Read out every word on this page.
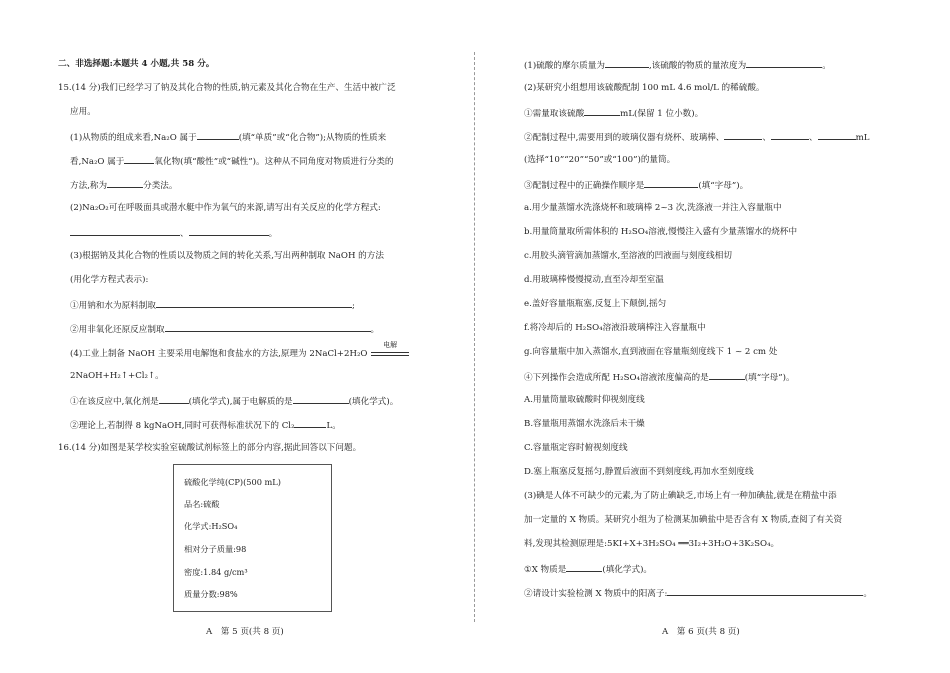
二、非选择题:本题共 4 小题,共 58 分。
15.(14 分)我们已经学习了钠及其化合物的性质,钠元素及其化合物在生产、生活中被广泛
应用。
(1)从物质的组成来看,Na₂O 属于	(填“单质”或“化合物”);从物质的性质来
看,Na₂O 属于	氧化物(填“酸性”或“碱性”)。这种从不同角度对物质进行分类的
方法,称为	分类法。
(2)Na₂O₂可在呼吸面具或潜水艇中作为氧气的来源,请写出有关反应的化学方程式:
、	。
(3)根据钠及其化合物的性质以及物质之间的转化关系,写出两种制取 NaOH 的方法
(用化学方程式表示):
①用钠和水为原料制取	;
②用非氧化还原反应制取	。
(4)工业上制备 NaOH 主要采用电解饱和食盐水的方法,原理为 2NaCl+2H₂O
电解
2NaOH+H₂↑+Cl₂↑。
①在该反应中,氧化剂是	(填化学式),属于电解质的是	(填化学式)。
②理论上,若制得 8 kgNaOH,同时可获得标准状况下的 Cl₂	L。
16.(14 分)如图是某学校实验室硫酸试剂标签上的部分内容,据此回答以下问题。
硫酸化学纯(CP)(500 mL)
品名:硫酸
化学式:H₂SO₄
相对分子质量:98
密度:1.84 g/cm³
质量分数:98%
A　第 5 页(共 8 页)
(1)硫酸的摩尔质量为	,该硫酸的物质的量浓度为	。
(2)某研究小组想用该硫酸配制 100 mL 4.6 mol/L 的稀硫酸。
①需量取该硫酸	mL(保留 1 位小数)。
②配制过程中,需要用到的玻璃仪器有烧杯、玻璃棒、	、	、	mL
(选择“10”“20”“50”或“100”)的量筒。
③配制过程中的正确操作顺序是	(填“字母”)。
a.用少量蒸馏水洗涤烧杯和玻璃棒 2~3 次,洗涤液一并注入容量瓶中
b.用量筒量取所需体积的 H₂SO₄溶液,慢慢注入盛有少量蒸馏水的烧杯中
c.用胶头滴管滴加蒸馏水,至溶液的凹液面与刻度线相切
d.用玻璃棒慢慢搅动,直至冷却至室温
e.盖好容量瓶瓶塞,反复上下颠倒,摇匀
f.将冷却后的 H₂SO₄溶液沿玻璃棒注入容量瓶中
g.向容量瓶中加入蒸馏水,直到液面在容量瓶刻度线下 1 ~ 2 cm 处
④下列操作会造成所配 H₂SO₄溶液浓度偏高的是	(填“字母”)。
A.用量筒量取硫酸时仰视刻度线
B.容量瓶用蒸馏水洗涤后未干燥
C.容量瓶定容时俯视刻度线
D.塞上瓶塞反复摇匀,静置后液面不到刻度线,再加水至刻度线
(3)碘是人体不可缺少的元素,为了防止碘缺乏,市场上有一种加碘盐,就是在精盐中添
加一定量的 X 物质。某研究小组为了检测某加碘盐中是否含有 X 物质,查阅了有关资
料,发现其检测原理是:5KI+X+3H₂SO₄ ══3I₂+3H₂O+3K₂SO₄。
①X 物质是	(填化学式)。
②请设计实验检测 X 物质中的阳离子:	。
A　第 6 页(共 8 页)
